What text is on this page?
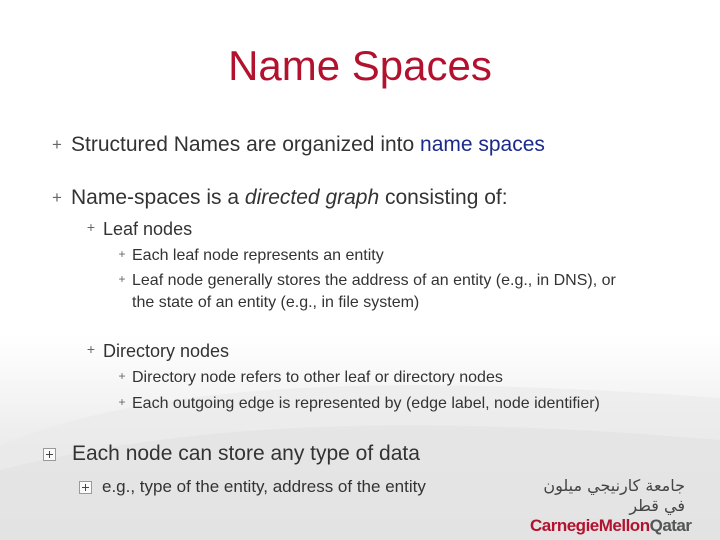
Name Spaces
+ Structured Names are organized into name spaces
+ Name-spaces is a directed graph consisting of:
+ Leaf nodes
+ Each leaf node represents an entity
+ Leaf node generally stores the address of an entity (e.g., in DNS), or
the state of an entity (e.g., in file system)
+ Directory nodes
+ Directory node refers to other leaf or directory nodes
+ Each outgoing edge is represented by (edge label, node identifier)
Each node can store any type of data
e.g., type of the entity, address of the entity	جامعة كارنيجي ميلون في قطر
CarnegieMellonQatar
